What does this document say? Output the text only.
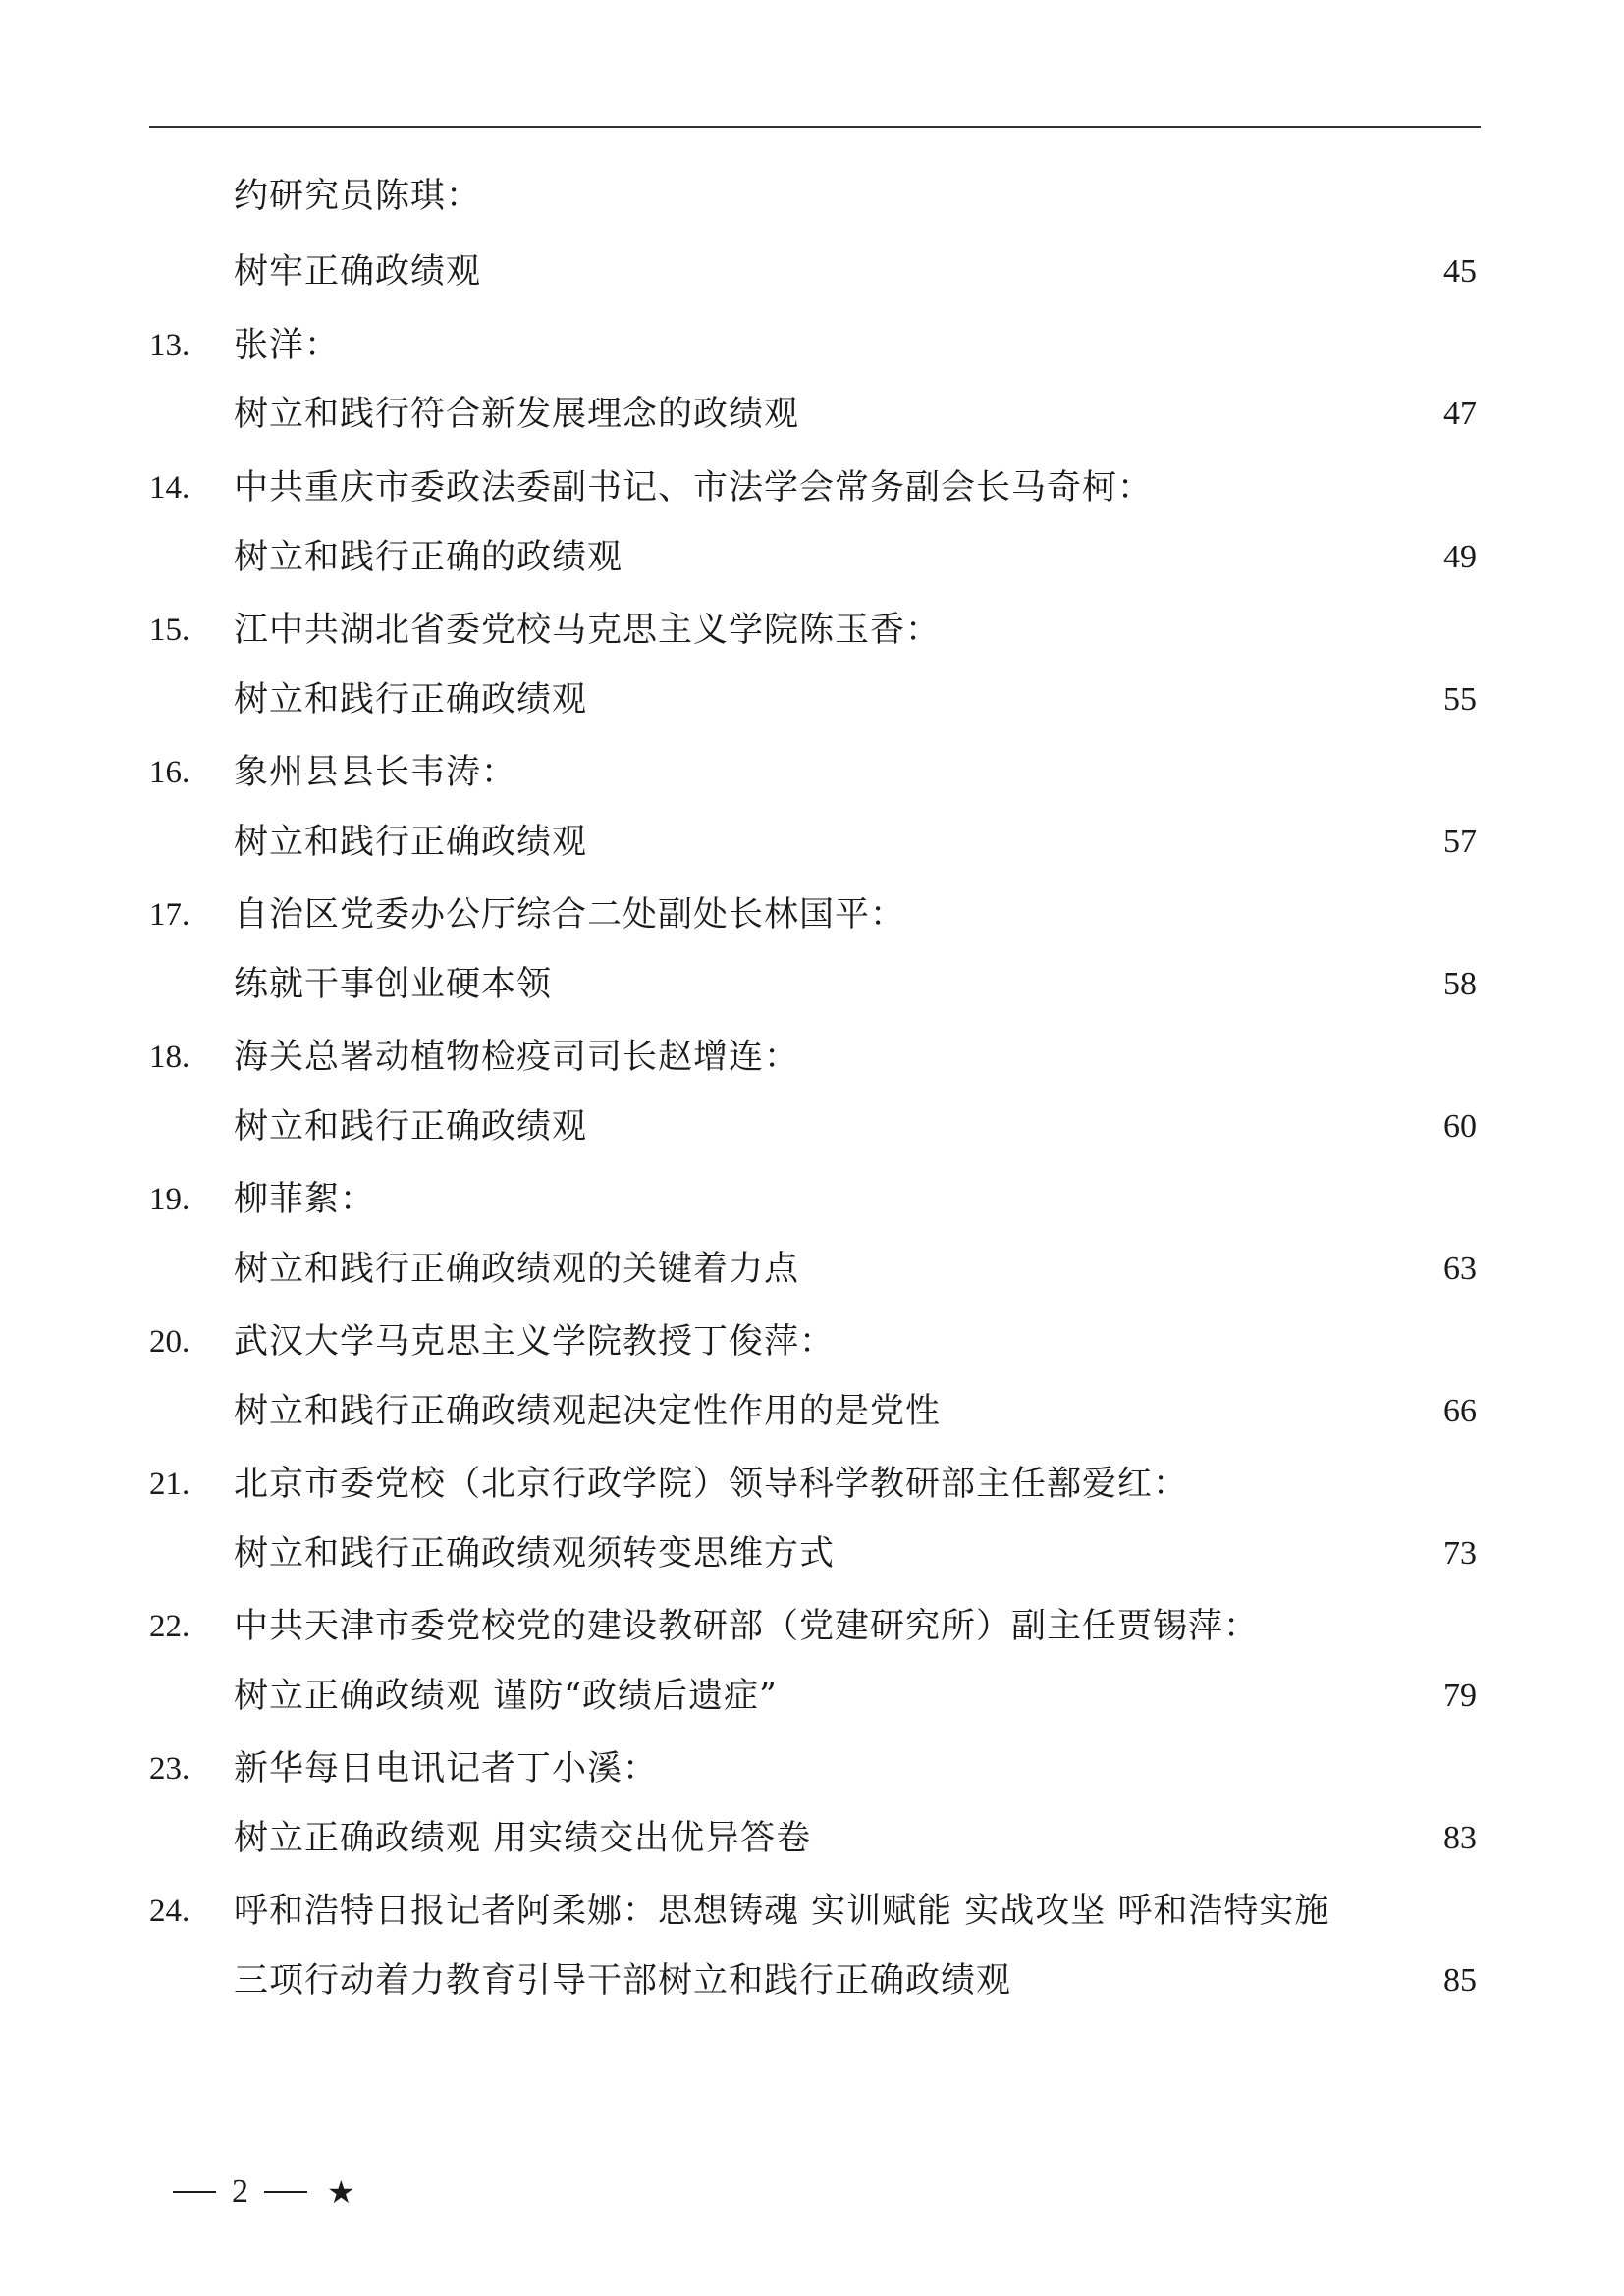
约研究员陈琪：
树牢正确政绩观	45
13.	张洋：
树立和践行符合新发展理念的政绩观	47
14.	中共重庆市委政法委副书记、市法学会常务副会长马奇柯：
树立和践行正确的政绩观	49
15.	江中共湖北省委党校马克思主义学院陈玉香：
树立和践行正确政绩观	55
16.	象州县县长韦涛：
树立和践行正确政绩观	57
17.	自治区党委办公厅综合二处副处长林国平：
练就干事创业硬本领	58
18.	海关总署动植物检疫司司长赵增连：
树立和践行正确政绩观	60
19.	柳菲絮：
树立和践行正确政绩观的关键着力点	63
20.	武汉大学马克思主义学院教授丁俊萍：
树立和践行正确政绩观起决定性作用的是党性	66
21.	北京市委党校（北京行政学院）领导科学教研部主任鄯爱红：
树立和践行正确政绩观须转变思维方式	73
22.	中共天津市委党校党的建设教研部（党建研究所）副主任贾锡萍：
树立正确政绩观 谨防“政绩后遗症”	79
23.	新华每日电讯记者丁小溪：
树立正确政绩观 用实绩交出优异答卷	83
24.	呼和浩特日报记者阿柔娜：思想铸魂 实训赋能 实战攻坚 呼和浩特实施
三项行动着力教育引导干部树立和践行正确政绩观	85
2	★
